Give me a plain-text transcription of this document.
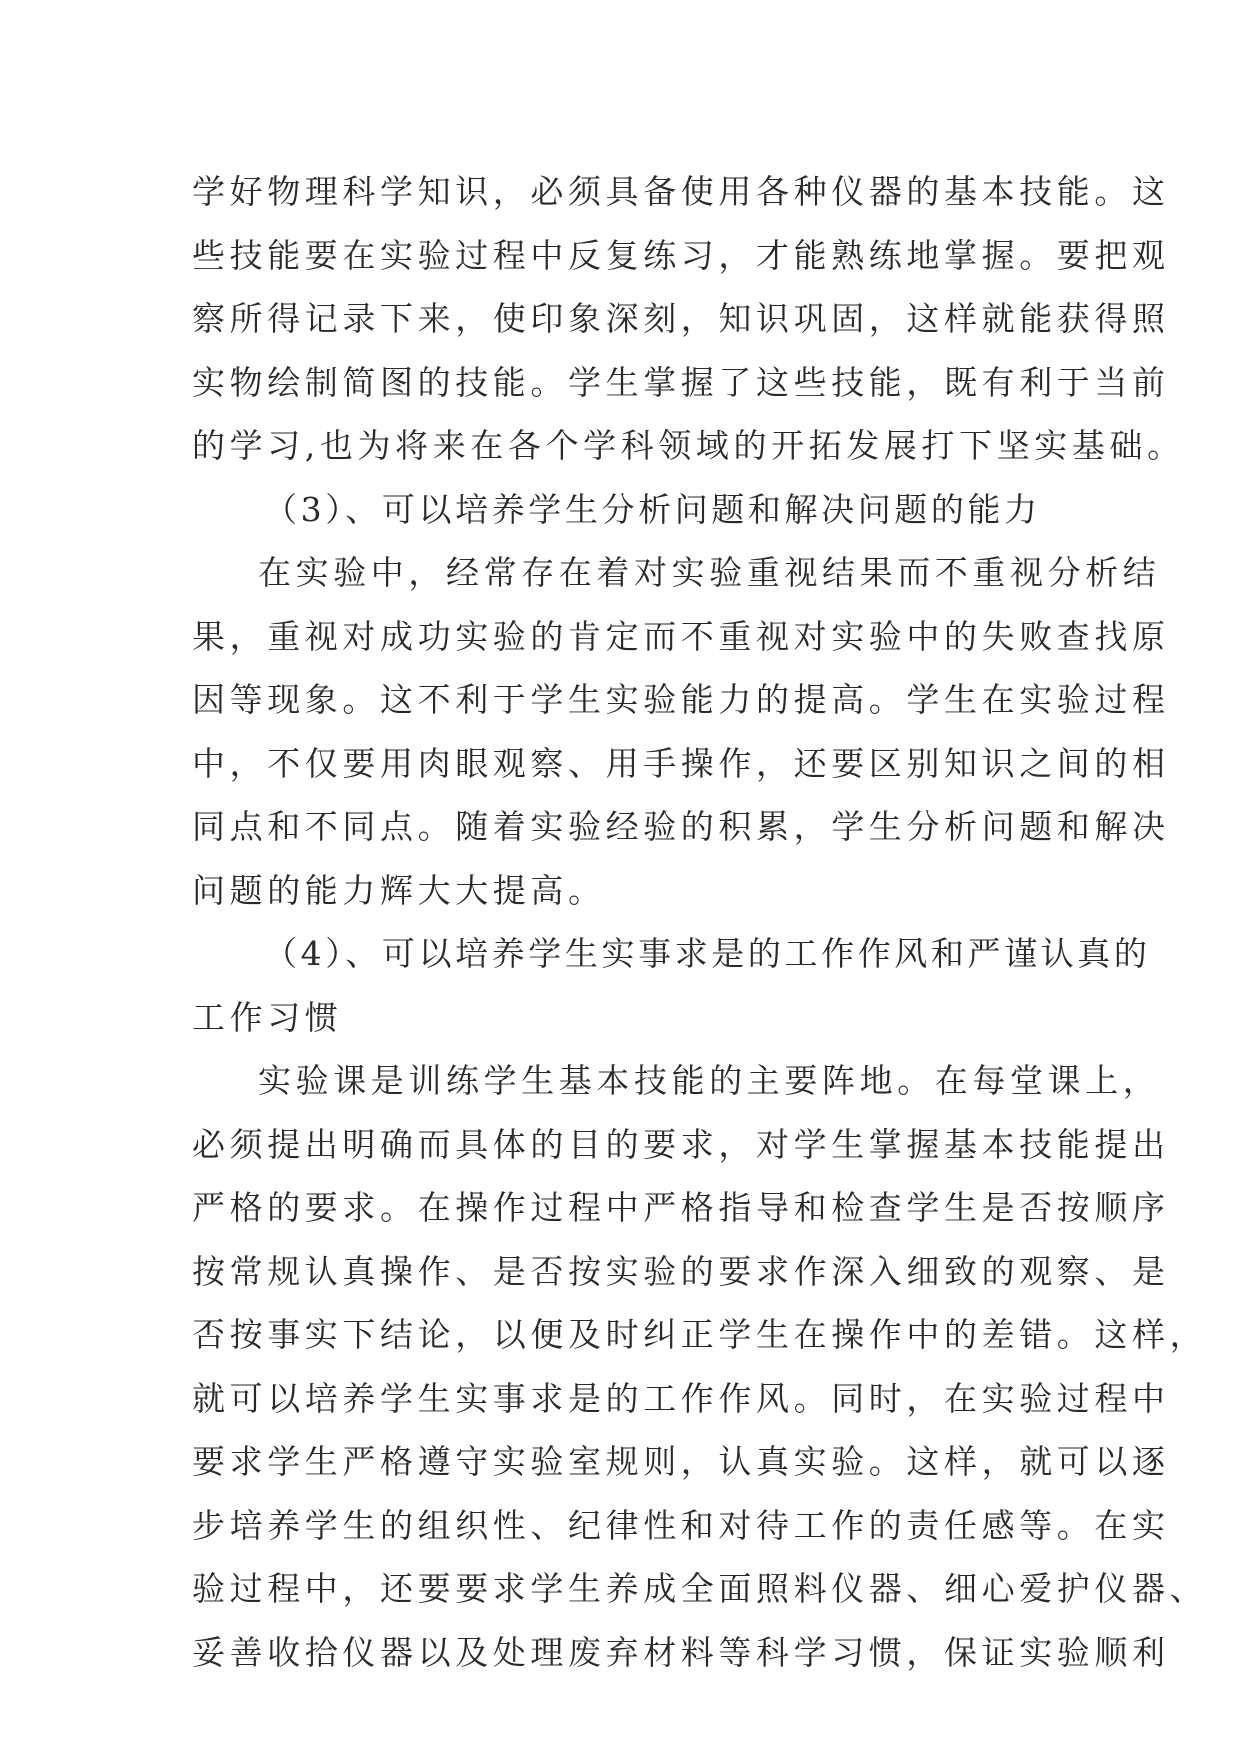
学好物理科学知识，必须具备使用各种仪器的基本技能。这
些技能要在实验过程中反复练习，才能熟练地掌握。要把观
察所得记录下来，使印象深刻，知识巩固，这样就能获得照
实物绘制简图的技能。学生掌握了这些技能，既有利于当前
的学习,也为将来在各个学科领域的开拓发展打下坚实基础。
（3）、可以培养学生分析问题和解决问题的能力
在实验中，经常存在着对实验重视结果而不重视分析结
果，重视对成功实验的肯定而不重视对实验中的失败查找原
因等现象。这不利于学生实验能力的提高。学生在实验过程
中，不仅要用肉眼观察、用手操作，还要区别知识之间的相
同点和不同点。随着实验经验的积累，学生分析问题和解决
问题的能力辉大大提高。
（4）、可以培养学生实事求是的工作作风和严谨认真的
工作习惯
实验课是训练学生基本技能的主要阵地。在每堂课上，
必须提出明确而具体的目的要求，对学生掌握基本技能提出
严格的要求。在操作过程中严格指导和检查学生是否按顺序
按常规认真操作、是否按实验的要求作深入细致的观察、是
否按事实下结论，以便及时纠正学生在操作中的差错。这样，
就可以培养学生实事求是的工作作风。同时，在实验过程中
要求学生严格遵守实验室规则，认真实验。这样，就可以逐
步培养学生的组织性、纪律性和对待工作的责任感等。在实
验过程中，还要要求学生养成全面照料仪器、细心爱护仪器、
妥善收拾仪器以及处理废弃材料等科学习惯，保证实验顺利
